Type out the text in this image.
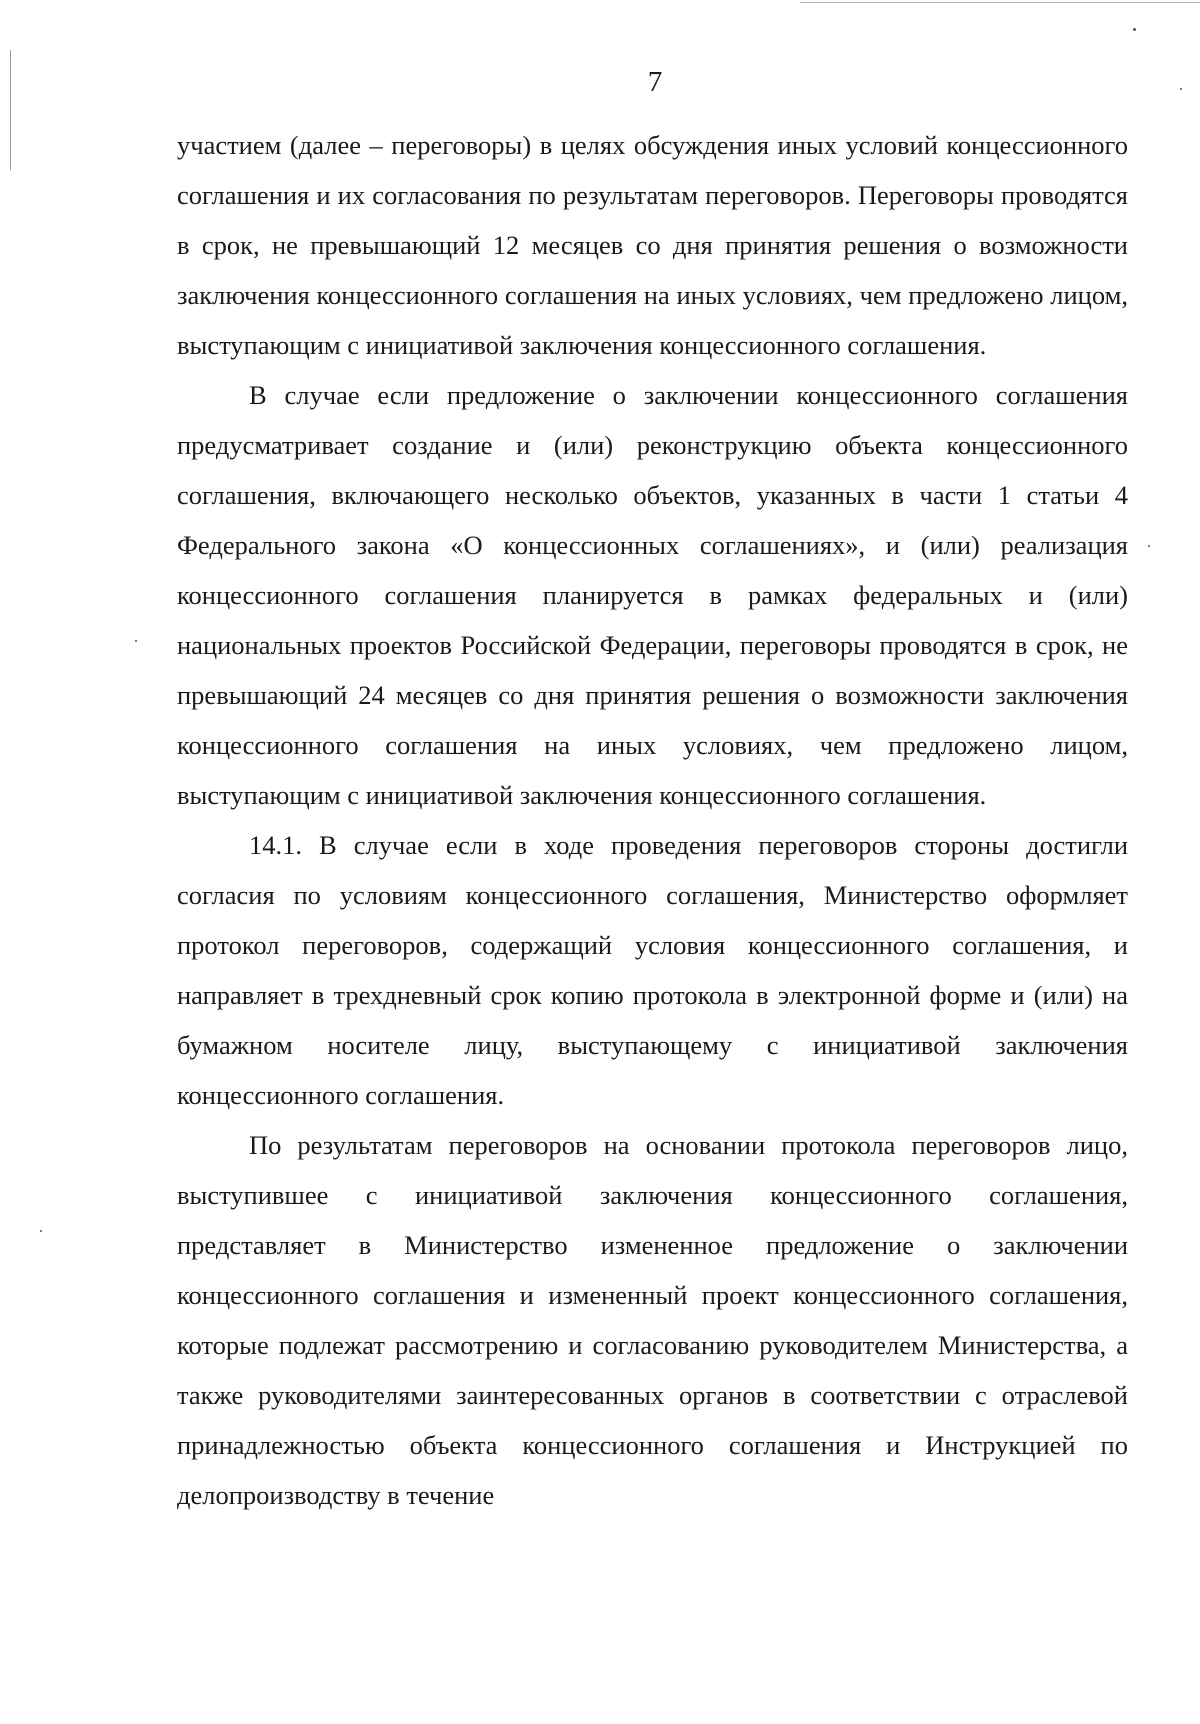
7

участием (далее – переговоры) в целях обсуждения иных условий концессионного соглашения и их согласования по результатам переговоров. Переговоры проводятся в срок, не превышающий 12 месяцев со дня принятия решения о возможности заключения концессионного соглашения на иных условиях, чем предложено лицом, выступающим с инициативой заключения концессионного соглашения.

В случае если предложение о заключении концессионного соглашения предусматривает создание и (или) реконструкцию объекта концессионного соглашения, включающего несколько объектов, указанных в части 1 статьи 4 Федерального закона «О концессионных соглашениях», и (или) реализация концессионного соглашения планируется в рамках федеральных и (или) национальных проектов Российской Федерации, переговоры проводятся в срок, не превышающий 24 месяцев со дня принятия решения о возможности заключения концессионного соглашения на иных условиях, чем предложено лицом, выступающим с инициативой заключения концессионного соглашения.

14.1. В случае если в ходе проведения переговоров стороны достигли согласия по условиям концессионного соглашения, Министерство оформляет протокол переговоров, содержащий условия концессионного соглашения, и направляет в трехдневный срок копию протокола в электронной форме и (или) на бумажном носителе лицу, выступающему с инициативой заключения концессионного соглашения.

По результатам переговоров на основании протокола переговоров лицо, выступившее с инициативой заключения концессионного соглашения, представляет в Министерство измененное предложение о заключении концессионного соглашения и измененный проект концессионного соглашения, которые подлежат рассмотрению и согласованию руководителем Министерства, а также руководителями заинтересованных органов в соответствии с отраслевой принадлежностью объекта концессионного соглашения и Инструкцией по делопроизводству в течение
